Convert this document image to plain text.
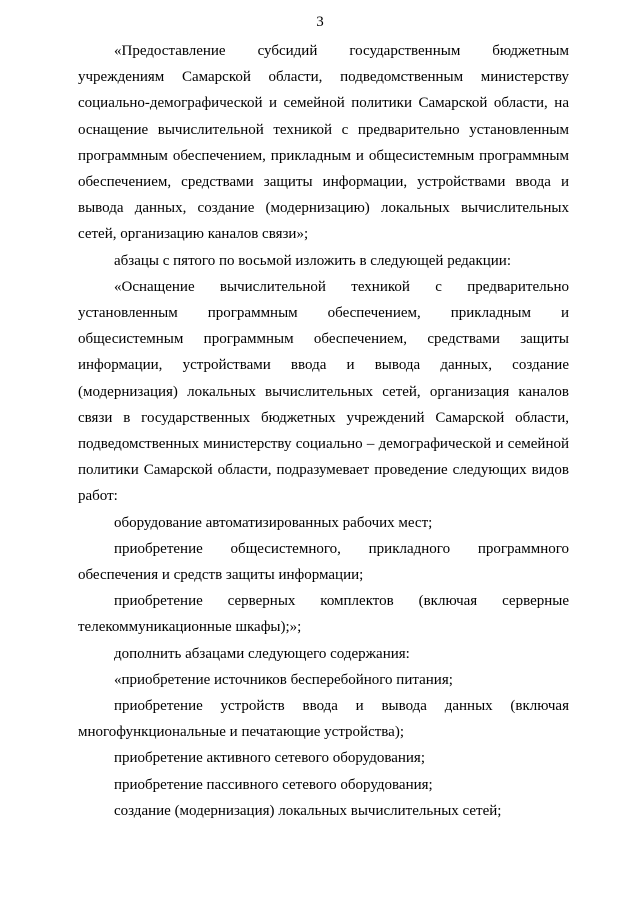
3

«Предоставление субсидий государственным бюджетным учреждениям Самарской области, подведомственным министерству социально-демографической и семейной политики Самарской области, на оснащение вычислительной техникой с предварительно установленным программным обеспечением, прикладным и общесистемным программным обеспечением, средствами защиты информации, устройствами ввода и вывода данных, создание (модернизацию) локальных вычислительных сетей, организацию каналов связи»;

абзацы с пятого по восьмой изложить в следующей редакции:

«Оснащение вычислительной техникой с предварительно установленным программным обеспечением, прикладным и общесистемным программным обеспечением, средствами защиты информации, устройствами ввода и вывода данных, создание (модернизация) локальных вычислительных сетей, организация каналов связи в государственных бюджетных учреждений Самарской области, подведомственных министерству социально – демографической и семейной политики Самарской области, подразумевает проведение следующих видов работ:

оборудование автоматизированных рабочих мест;

приобретение общесистемного, прикладного программного обеспечения и средств защиты информации;

приобретение серверных комплектов (включая серверные телекоммуникационные шкафы);»;

дополнить абзацами следующего содержания:

«приобретение источников бесперебойного питания;

приобретение устройств ввода и вывода данных (включая многофункциональные и печатающие устройства);

приобретение активного сетевого оборудования;

приобретение пассивного сетевого оборудования;

создание (модернизация) локальных вычислительных сетей;
